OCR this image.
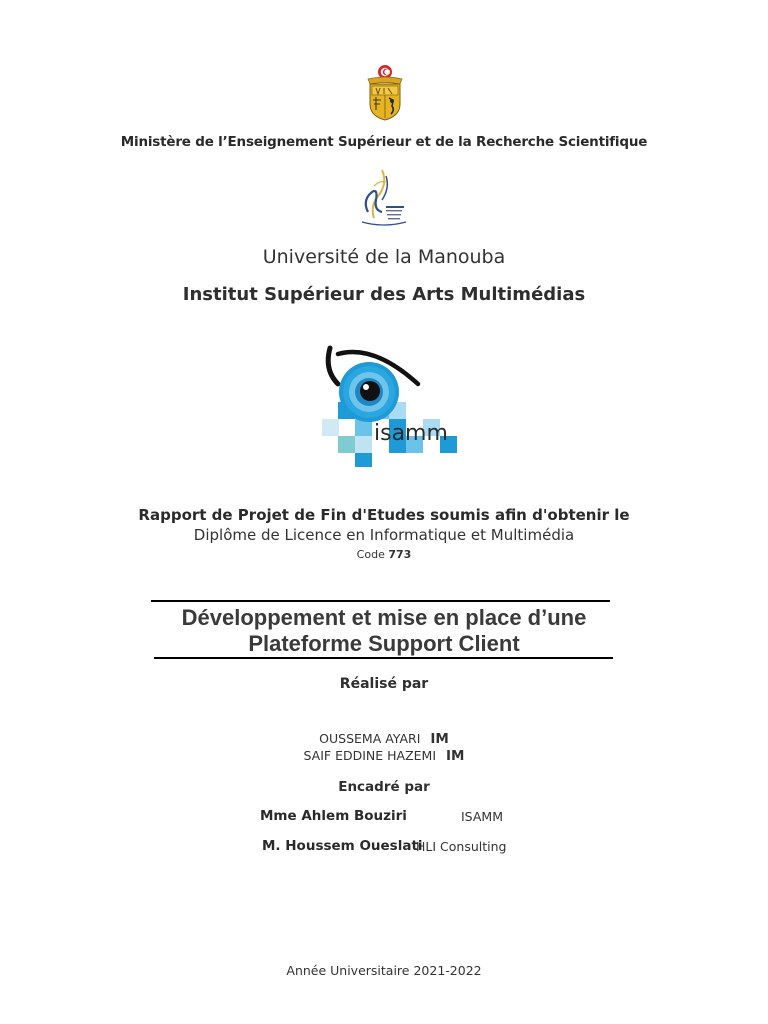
Ministère de l’Enseignement Supérieur et de la Recherche Scientifique
Université de la Manouba
Institut Supérieur des Arts Multimédias
isamm
Rapport de Projet de Fin d'Etudes soumis afin d'obtenir le
Diplôme de Licence en Informatique et Multimédia
Code 773
Développement et mise en place d’une
Plateforme Support Client
Réalisé par
OUSSEMA AYARI IM
SAIF EDDINE HAZEMI IM
Encadré par
Mme Ahlem Bouziri	ISAMM
M. Houssem Oueslati
HLI Consulting
Année Universitaire 2021-2022
